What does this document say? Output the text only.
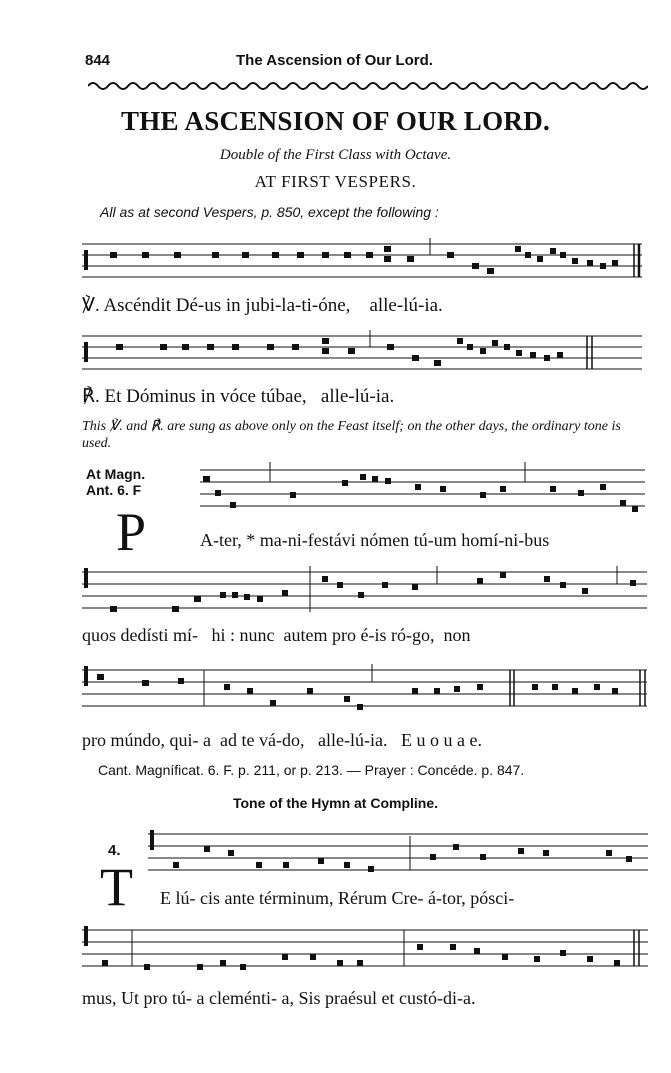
844	The Ascension of Our Lord.
THE ASCENSION OF OUR LORD.
Double of the First Class with Octave.
AT FIRST VESPERS.
All as at second Vespers, p. 850, except the following :
℣. Ascéndit Dé-us in jubi-la-ti-óne, alle-lú-ia.
℟. Et Dóminus in vóce túbae, alle-lú-ia.
This ℣. and ℟. are sung as above only on the Feast itself; on the other days, the ordinary tone is used.
At Magn.
Ant. 6. F
P	A-ter, * ma-ni-festávi nómen tú-um homí-ni-bus
quos dedísti mí- hi : nunc autem pro é-is ró-go, non
pro múndo, qui- a ad te vá-do, alle-lú-ia. E u o u a e.
Cant. Magníficat. 6. F. p. 211, or p. 213. — Prayer : Concéde. p. 847.
Tone of the Hymn at Compline.
4.
T E lú- cis ante términum, Rérum Cre- á-tor, pósci-
mus, Ut pro tú- a cleménti- a, Sis praésul et custó-di-a.
